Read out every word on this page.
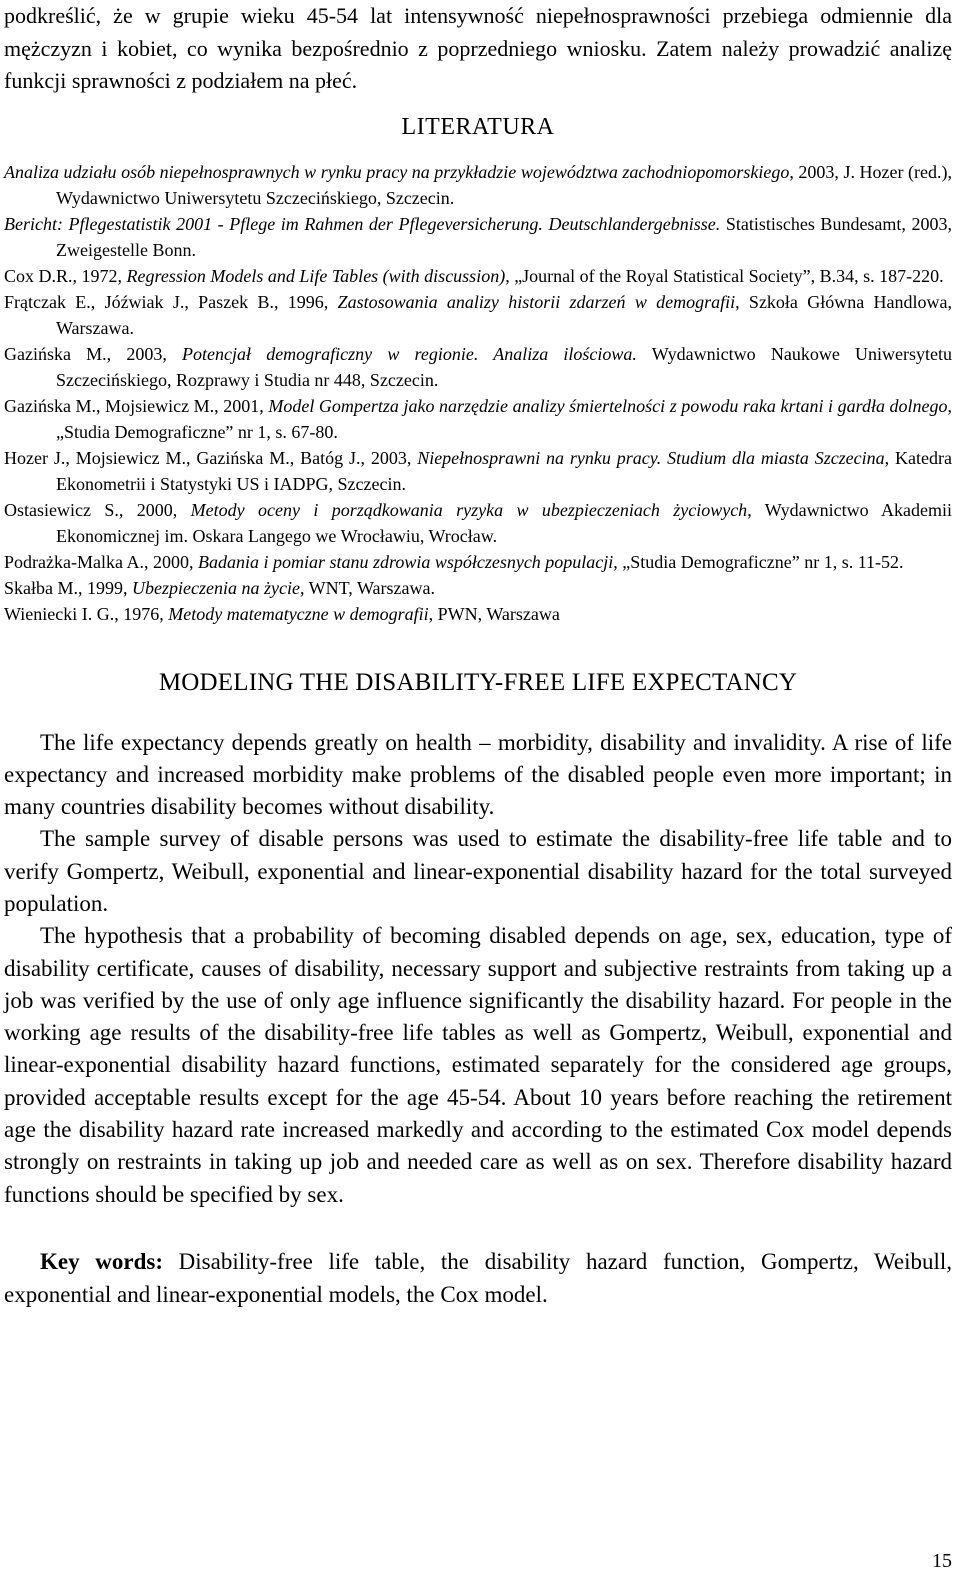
podkreślić, że w grupie wieku 45-54 lat intensywność niepełnosprawności przebiega odmiennie dla mężczyzn i kobiet, co wynika bezpośrednio z poprzedniego wniosku. Zatem należy prowadzić analizę funkcji sprawności z podziałem na płeć.

LITERATURA
Analiza udziału osób niepełnosprawnych w rynku pracy na przykładzie województwa zachodniopomorskiego, 2003, J. Hozer (red.), Wydawnictwo Uniwersytetu Szczecińskiego, Szczecin.
Bericht: Pflegestatistik 2001 - Pflege im Rahmen der Pflegeversicherung. Deutschlandergebnisse. Statistisches Bundesamt, 2003, Zweigestelle Bonn.
Cox D.R., 1972, Regression Models and Life Tables (with discussion), „Journal of the Royal Statistical Society”, B.34, s. 187-220.
Frątczak E., Jóźwiak J., Paszek B., 1996, Zastosowania analizy historii zdarzeń w demografii, Szkoła Główna Handlowa, Warszawa.
Gazińska M., 2003, Potencjał demograficzny w regionie. Analiza ilościowa. Wydawnictwo Naukowe Uniwersytetu Szczecińskiego, Rozprawy i Studia nr 448, Szczecin.
Gazińska M., Mojsiewicz M., 2001, Model Gompertza jako narzędzie analizy śmiertelności z powodu raka krtani i gardła dolnego, „Studia Demograficzne” nr 1, s. 67-80.
Hozer J., Mojsiewicz M., Gazińska M., Batóg J., 2003, Niepełnosprawni na rynku pracy. Studium dla miasta Szczecina, Katedra Ekonometrii i Statystyki US i IADPG, Szczecin.
Ostasiewicz S., 2000, Metody oceny i porządkowania ryzyka w ubezpieczeniach życiowych, Wydawnictwo Akademii Ekonomicznej im. Oskara Langego we Wrocławiu, Wrocław.
Podrażka-Malka A., 2000, Badania i pomiar stanu zdrowia współczesnych populacji, „Studia Demograficzne” nr 1, s. 11-52.
Skałba M., 1999, Ubezpieczenia na życie, WNT, Warszawa.
Wieniecki I. G., 1976, Metody matematyczne w demografii, PWN, Warszawa
MODELING THE DISABILITY-FREE LIFE EXPECTANCY

The life expectancy depends greatly on health – morbidity, disability and invalidity. A rise of life expectancy and increased morbidity make problems of the disabled people even more important; in many countries disability becomes without disability.

The sample survey of disable persons was used to estimate the disability-free life table and to verify Gompertz, Weibull, exponential and linear-exponential disability hazard for the total surveyed population.

The hypothesis that a probability of becoming disabled depends on age, sex, education, type of disability certificate, causes of disability, necessary support and subjective restraints from taking up a job was verified by the use of only age influence significantly the disability hazard. For people in the working age results of the disability-free life tables as well as Gompertz, Weibull, exponential and linear-exponential disability hazard functions, estimated separately for the considered age groups, provided acceptable results except for the age 45-54. About 10 years before reaching the retirement age the disability hazard rate increased markedly and according to the estimated Cox model depends strongly on restraints in taking up job and needed care as well as on sex. Therefore disability hazard functions should be specified by sex.

Key words: Disability-free life table, the disability hazard function, Gompertz, Weibull, exponential and linear-exponential models, the Cox model.

15
